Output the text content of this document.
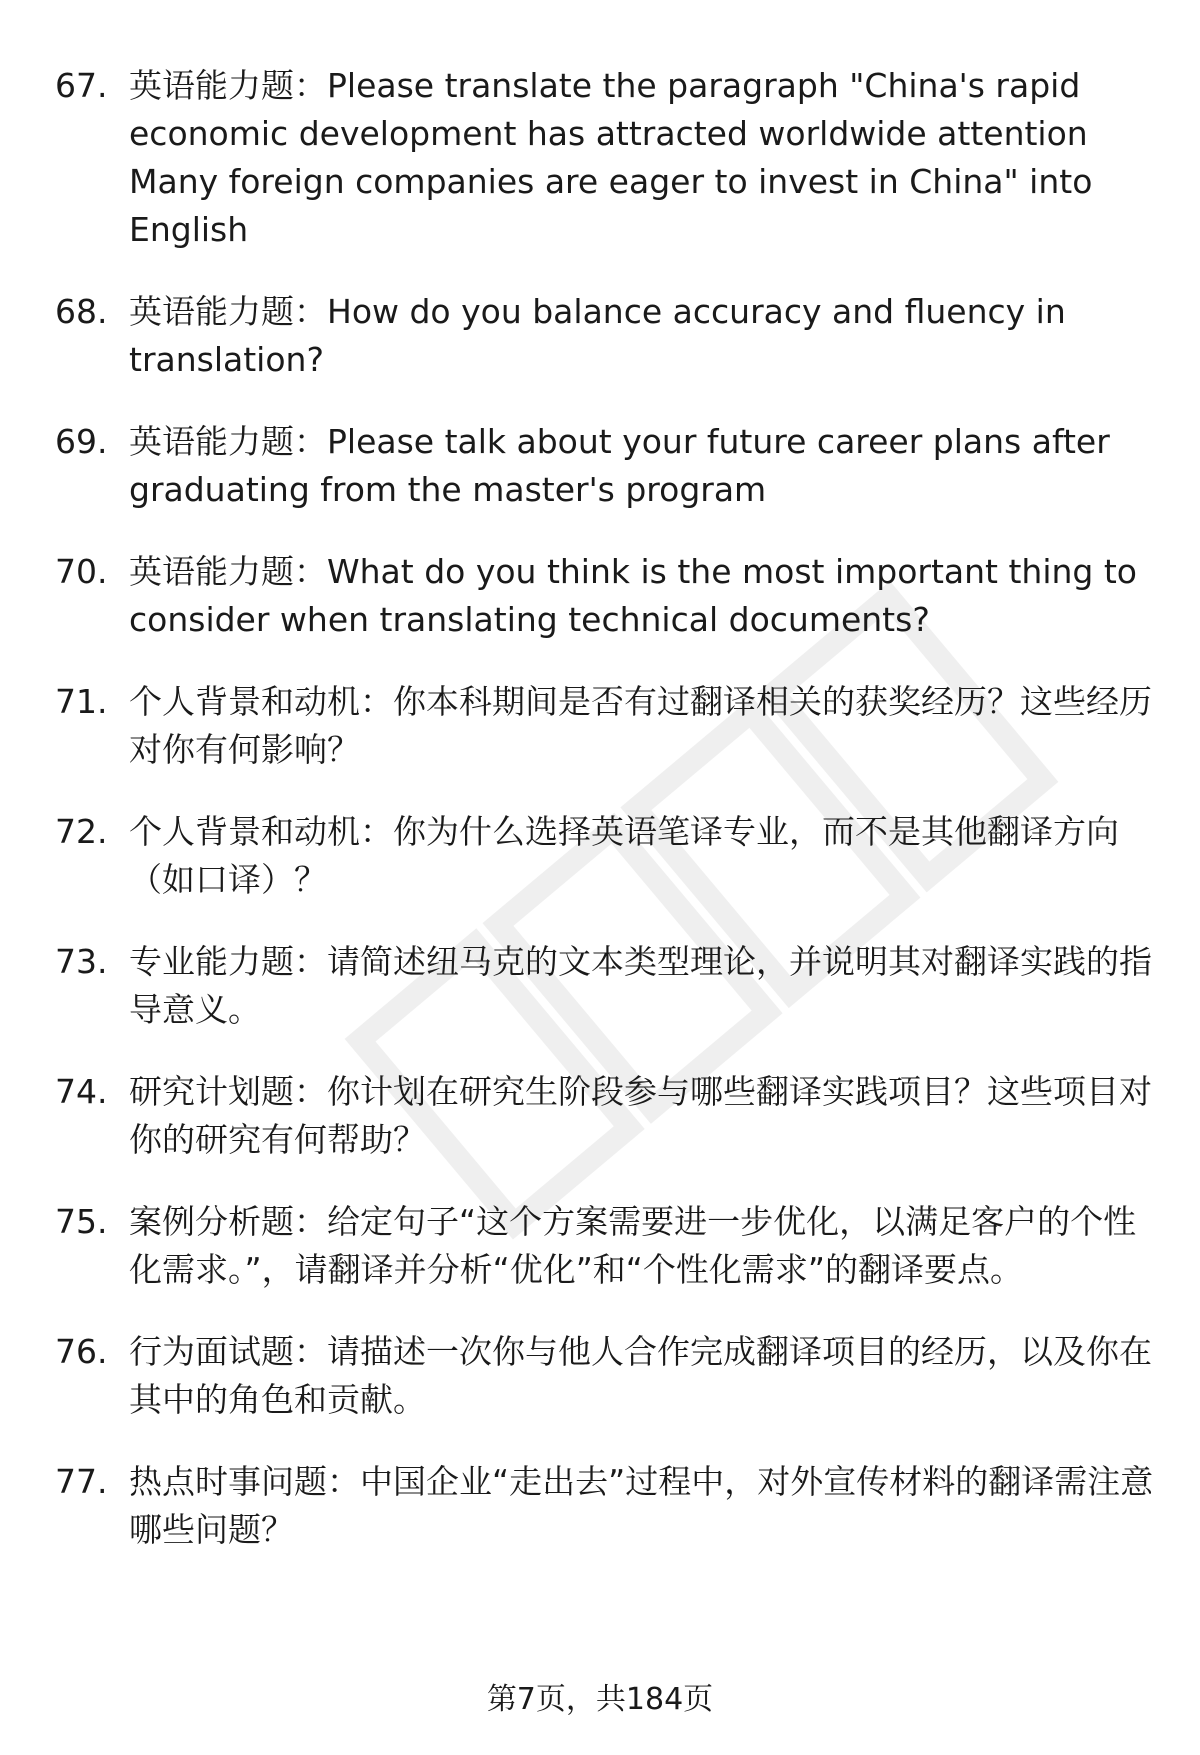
67. 英语能力题：Please translate the paragraph "China's rapid economic development has attracted worldwide attention Many foreign companies are eager to invest in China" into English
68. 英语能力题：How do you balance accuracy and fluency in translation?
69. 英语能力题：Please talk about your future career plans after graduating from the master's program
70. 英语能力题：What do you think is the most important thing to consider when translating technical documents?
71. 个人背景和动机：你本科期间是否有过翻译相关的获奖经历？这些经历对你有何影响？
72. 个人背景和动机：你为什么选择英语笔译专业，而不是其他翻译方向（如口译）？
73. 专业能力题：请简述纽马克的文本类型理论，并说明其对翻译实践的指导意义。
74. 研究计划题：你计划在研究生阶段参与哪些翻译实践项目？这些项目对你的研究有何帮助？
75. 案例分析题：给定句子“这个方案需要进一步优化，以满足客户的个性化需求。”，请翻译并分析“优化”和“个性化需求”的翻译要点。
76. 行为面试题：请描述一次你与他人合作完成翻译项目的经历，以及你在其中的角色和贡献。
77. 热点时事问题：中国企业“走出去”过程中，对外宣传材料的翻译需注意哪些问题？
第7页，共184页
